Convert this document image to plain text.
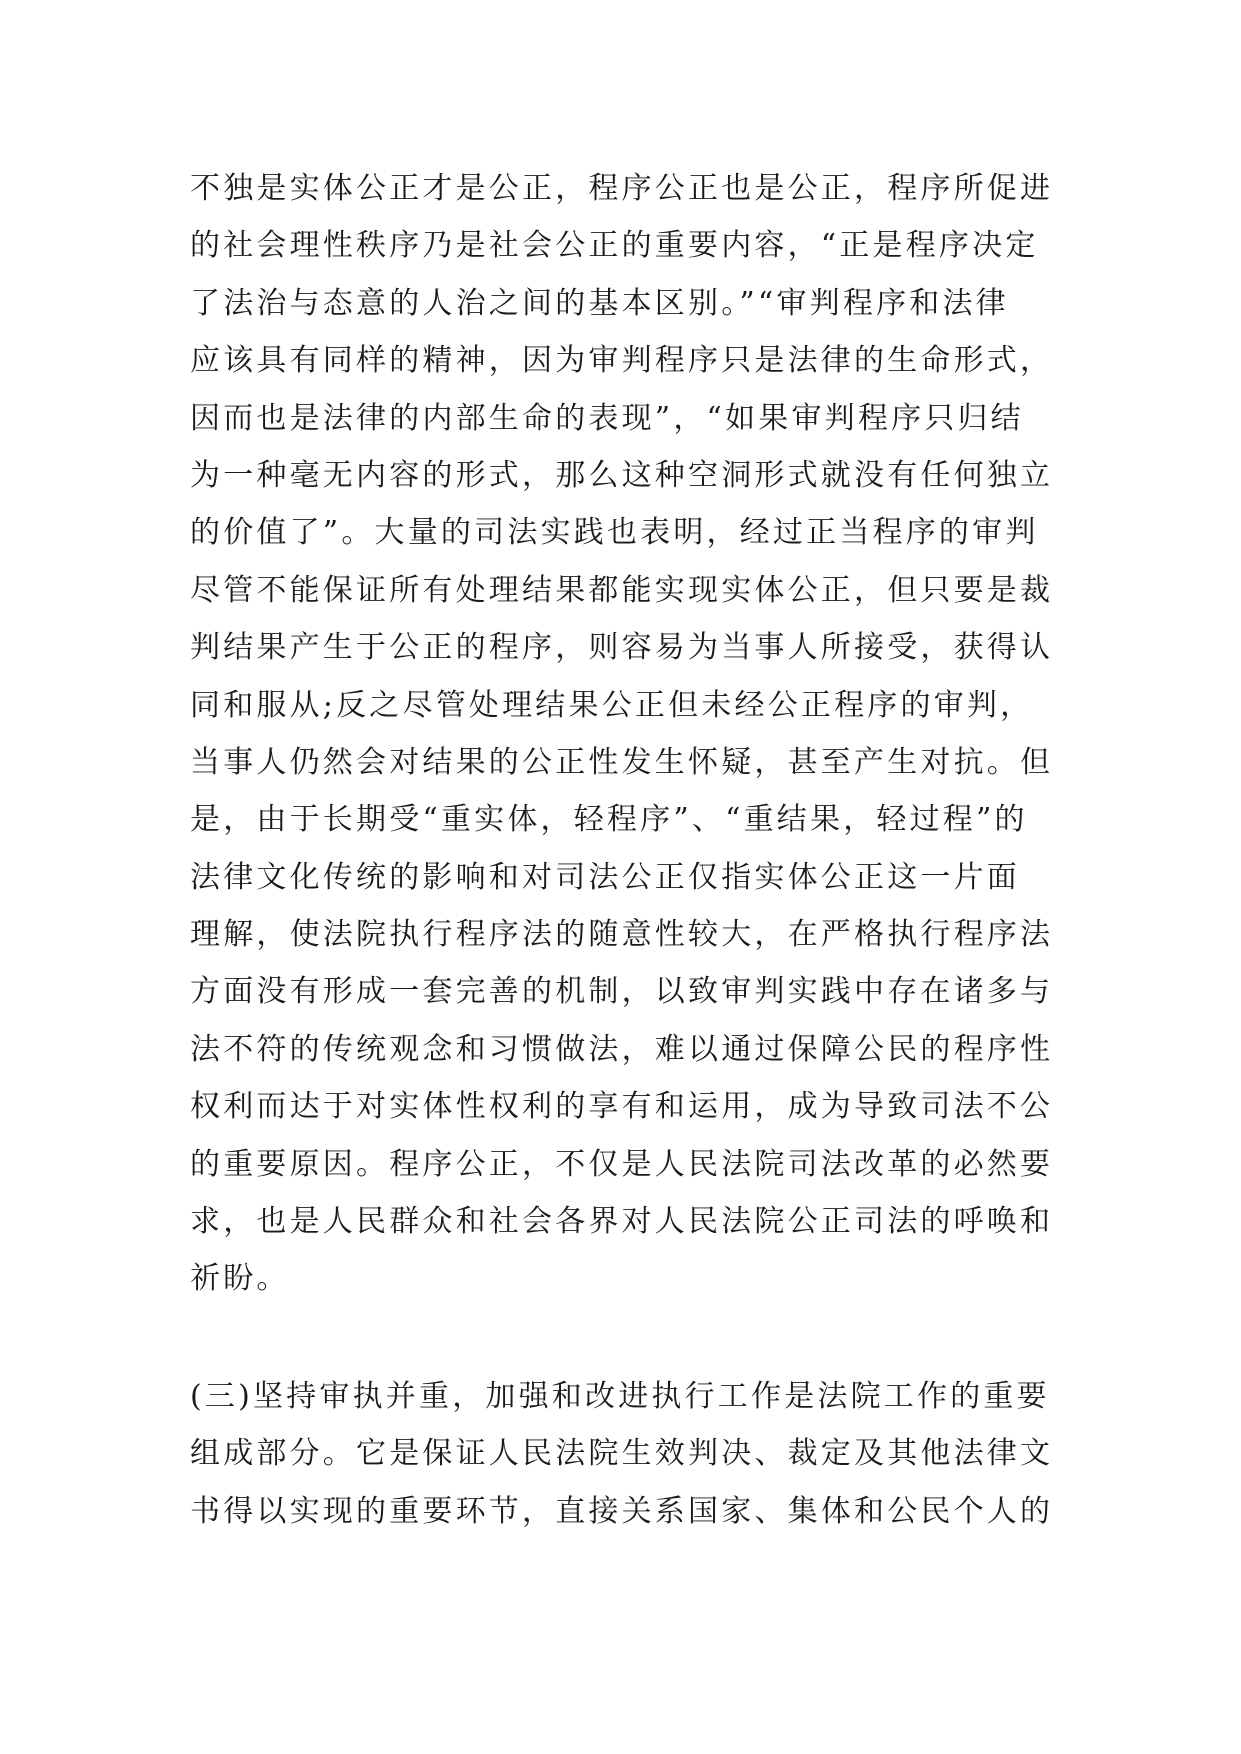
不独是实体公正才是公正，程序公正也是公正，程序所促进
的社会理性秩序乃是社会公正的重要内容，“正是程序决定
了法治与态意的人治之间的基本区别。”“审判程序和法律
应该具有同样的精神，因为审判程序只是法律的生命形式，
因而也是法律的内部生命的表现”，“如果审判程序只归结
为一种毫无内容的形式，那么这种空洞形式就没有任何独立
的价值了”。大量的司法实践也表明，经过正当程序的审判
尽管不能保证所有处理结果都能实现实体公正，但只要是裁
判结果产生于公正的程序，则容易为当事人所接受，获得认
同和服从;反之尽管处理结果公正但未经公正程序的审判，
当事人仍然会对结果的公正性发生怀疑，甚至产生对抗。但
是，由于长期受“重实体，轻程序”、“重结果，轻过程”的
法律文化传统的影响和对司法公正仅指实体公正这一片面
理解，使法院执行程序法的随意性较大，在严格执行程序法
方面没有形成一套完善的机制，以致审判实践中存在诸多与
法不符的传统观念和习惯做法，难以通过保障公民的程序性
权利而达于对实体性权利的享有和运用，成为导致司法不公
的重要原因。程序公正，不仅是人民法院司法改革的必然要
求，也是人民群众和社会各界对人民法院公正司法的呼唤和
祈盼。
(三)坚持审执并重，加强和改进执行工作是法院工作的重要
组成部分。它是保证人民法院生效判决、裁定及其他法律文
书得以实现的重要环节，直接关系国家、集体和公民个人的
